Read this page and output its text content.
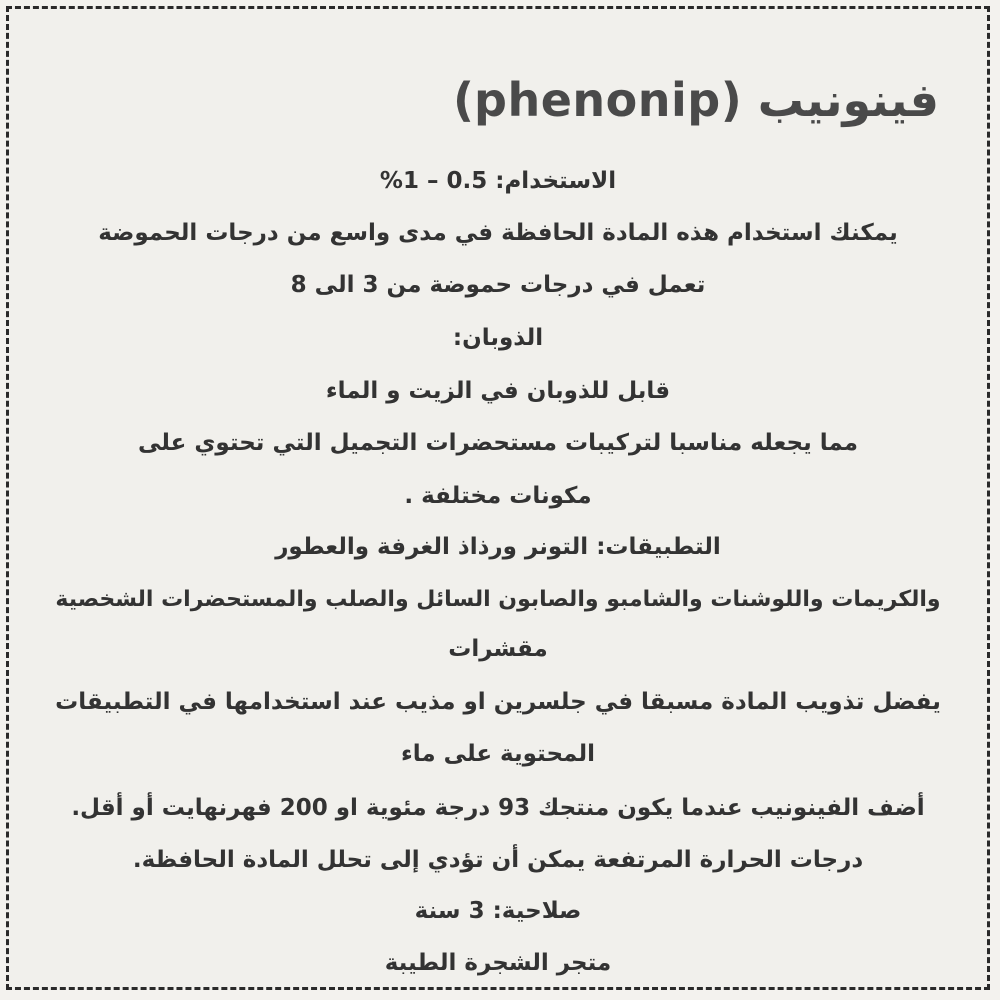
فينونيب (phenonip)
الاستخدام: 0.5 – 1%
يمكنك استخدام هذه المادة الحافظة في مدى واسع من درجات الحموضة
تعمل في درجات حموضة من 3 الى 8
الذوبان:
قابل للذوبان في الزيت و الماء
مما يجعله مناسبا لتركيبات مستحضرات التجميل التي تحتوي على
مكونات مختلفة .
التطبيقات: التونر ورذاذ الغرفة والعطور
والكريمات واللوشنات والشامبو والصابون السائل والصلب والمستحضرات الشخصية
مقشرات
يفضل تذويب المادة مسبقا في جلسرين او مذيب عند استخدامها في التطبيقات
المحتوية على ماء
أضف الفينونيب عندما يكون منتجك 93 درجة مئوية او 200 فهرنهايت أو أقل.
درجات الحرارة المرتفعة يمكن أن تؤدي إلى تحلل المادة الحافظة.
صلاحية: 3 سنة
متجر الشجرة الطيبة
